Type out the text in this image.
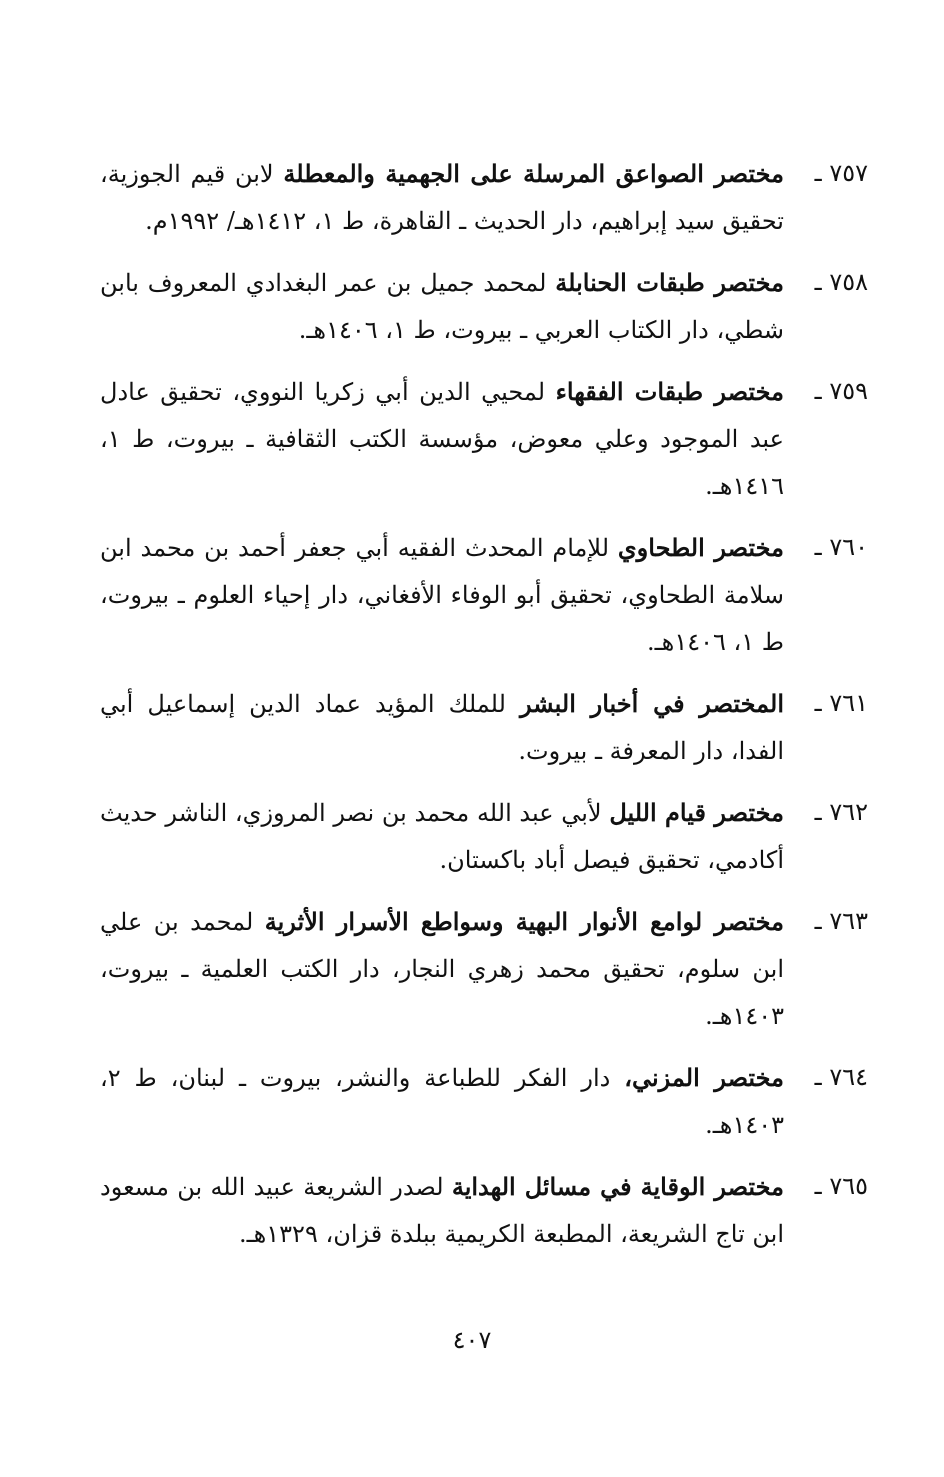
٧٥٧ ـ
مختصر الصواعق المرسلة على الجهمية والمعطلة لابن قيم الجوزية، تحقيق سيد إبراهيم، دار الحديث ـ القاهرة، ط ١، ١٤١٢هـ/ ١٩٩٢م.
٧٥٨ ـ
مختصر طبقات الحنابلة لمحمد جميل بن عمر البغدادي المعروف بابن شطي، دار الكتاب العربي ـ بيروت، ط ١، ١٤٠٦هـ.
٧٥٩ ـ
مختصر طبقات الفقهاء لمحيي الدين أبي زكريا النووي، تحقيق عادل عبد الموجود وعلي معوض، مؤسسة الكتب الثقافية ـ بيروت، ط ١، ١٤١٦هـ.
٧٦٠ ـ
مختصر الطحاوي للإمام المحدث الفقيه أبي جعفر أحمد بن محمد ابن سلامة الطحاوي، تحقيق أبو الوفاء الأفغاني، دار إحياء العلوم ـ بيروت، ط ١، ١٤٠٦هـ.
٧٦١ ـ
المختصر في أخبار البشر للملك المؤيد عماد الدين إسماعيل أبي الفدا، دار المعرفة ـ بيروت.
٧٦٢ ـ
مختصر قيام الليل لأبي عبد الله محمد بن نصر المروزي، الناشر حديث أكادمي، تحقيق فيصل أباد باكستان.
٧٦٣ ـ
مختصر لوامع الأنوار البهية وسواطع الأسرار الأثرية لمحمد بن علي ابن سلوم، تحقيق محمد زهري النجار، دار الكتب العلمية ـ بيروت، ١٤٠٣هـ.
٧٦٤ ـ
مختصر المزني، دار الفكر للطباعة والنشر، بيروت ـ لبنان، ط ٢، ١٤٠٣هـ.
٧٦٥ ـ
مختصر الوقاية في مسائل الهداية لصدر الشريعة عبيد الله بن مسعود ابن تاج الشريعة، المطبعة الكريمية ببلدة قزان، ١٣٢٩هـ.
٤٠٧
